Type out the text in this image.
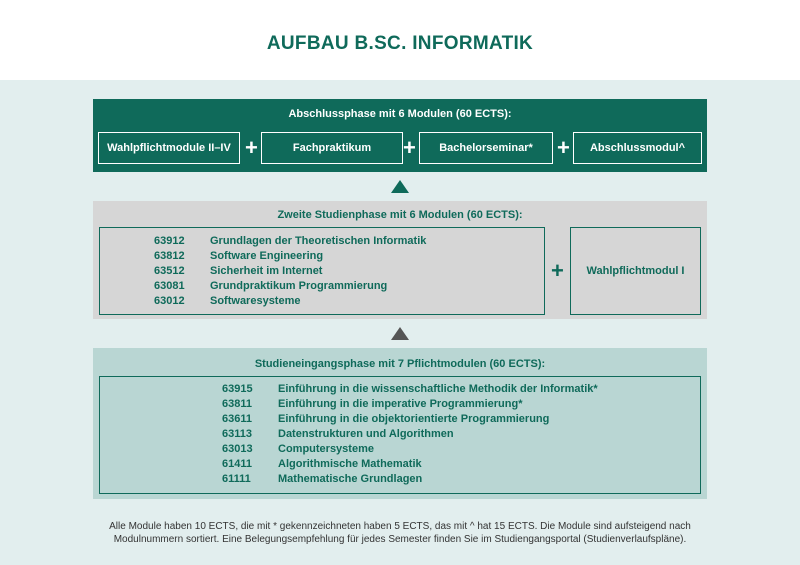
AUFBAU B.SC. INFORMATIK
Abschlussphase mit 6 Modulen (60 ECTS):
Wahlpflichtmodule II–IV +	Fachpraktikum	+	Bachelorseminar*	+	Abschlussmodul^
Zweite Studienphase mit 6 Modulen (60 ECTS):
63912 Grundlagen der Theoretischen Informatik
63812 Software Engineering
63512 Sicherheit im Internet
63081 Grundpraktikum Programmierung
63012 Softwaresysteme
+	Wahlpflichtmodul I
Studieneingangsphase mit 7 Pflichtmodulen (60 ECTS):
63915 Einführung in die wissenschaftliche Methodik der Informatik*
63811 Einführung in die imperative Programmierung*
63611 Einführung in die objektorientierte Programmierung
63113 Datenstrukturen und Algorithmen
63013 Computersysteme
61411 Algorithmische Mathematik
61111 Mathematische Grundlagen
Alle Module haben 10 ECTS, die mit * gekennzeichneten haben 5 ECTS, das mit ^ hat 15 ECTS. Die Module sind aufsteigend nach
Modulnummern sortiert. Eine Belegungsempfehlung für jedes Semester finden Sie im Studiengangsportal (Studienverlaufspläne).
